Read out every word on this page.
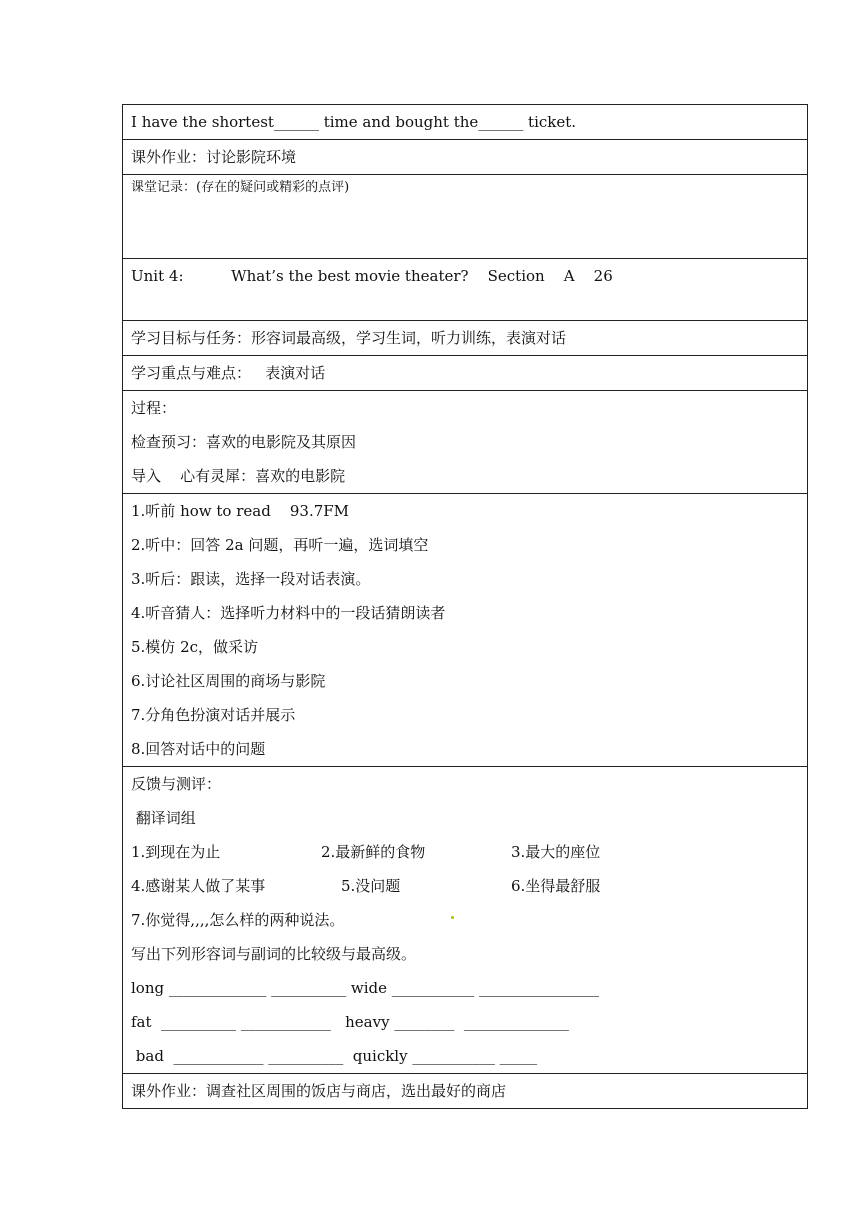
I have the shortest______ time and bought the______ ticket.
课外作业：讨论影院环境
课堂记录：(存在的疑问或精彩的点评)
Unit 4:          What’s the best movie theater?    Section    A    26
学习目标与任务：形容词最高级，学习生词，听力训练，表演对话
学习重点与难点：   表演对话
过程：
检查预习：喜欢的电影院及其原因
导入    心有灵犀：喜欢的电影院
1.听前 how to read    93.7FM
2.听中：回答 2a 问题，再听一遍，选词填空
3.听后：跟读，选择一段对话表演。
4.听音猜人：选择听力材料中的一段话猜朗读者
5.模仿 2c，做采访
6.讨论社区周围的商场与影院
7.分角色扮演对话并展示
8.回答对话中的问题
反馈与测评：
翻译词组
1.到现在为止	2.最新鲜的食物	3.最大的座位
4.感谢某人做了某事	5.没问题	6.坐得最舒服
7.你觉得,,,,怎么样的两种说法。
写出下列形容词与副词的比较级与最高级。
long _____________ __________ wide ___________ ________________
fat  __________ ____________   heavy ________  ______________
bad  ____________ __________  quickly ___________ _____
课外作业：调查社区周围的饭店与商店，选出最好的商店
